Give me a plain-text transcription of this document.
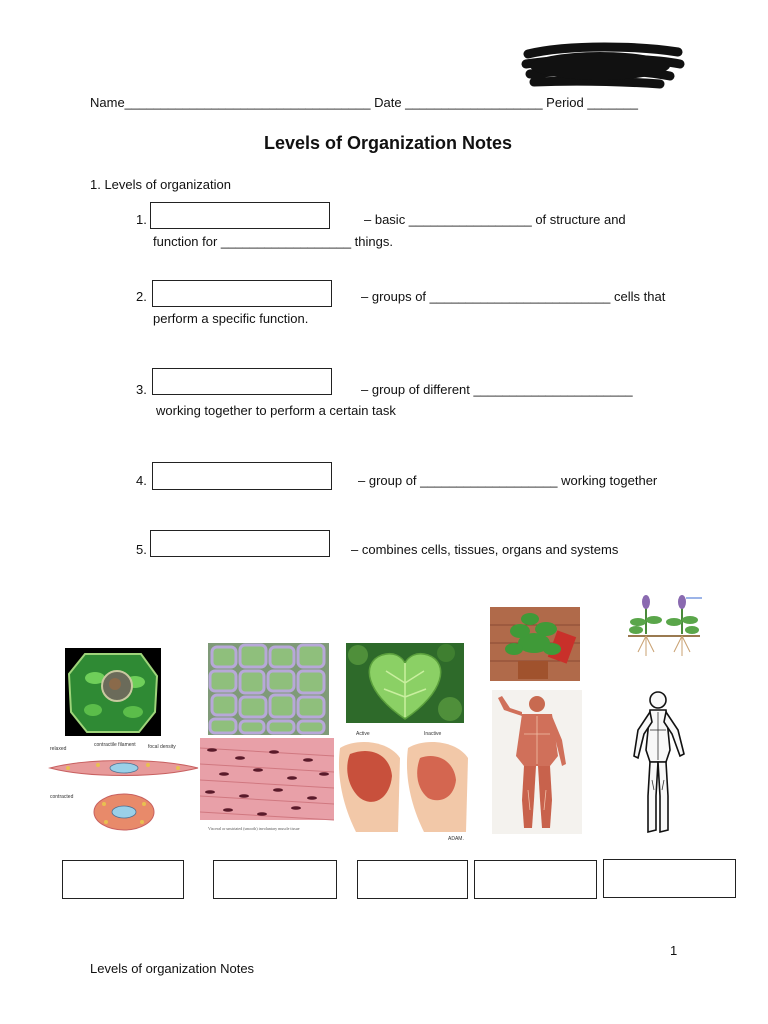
Name__________________________________ Date ___________________ Period _______
Levels of Organization Notes
1. Levels of organization
1.	– basic _________________ of structure and
function for __________________ things.
2.	– groups of _________________________ cells that
perform a specific function.
3.	– group of different ______________________
working together to perform a certain task
4.	– group of ___________________ working together
5.	– combines cells, tissues, organs and systems
relaxed
contractile filament focal density
contracted
Visceral or unstriated (smooth) involuntary muscle tissue
Active	Inactive
ADAM.
1
Levels of organization Notes
